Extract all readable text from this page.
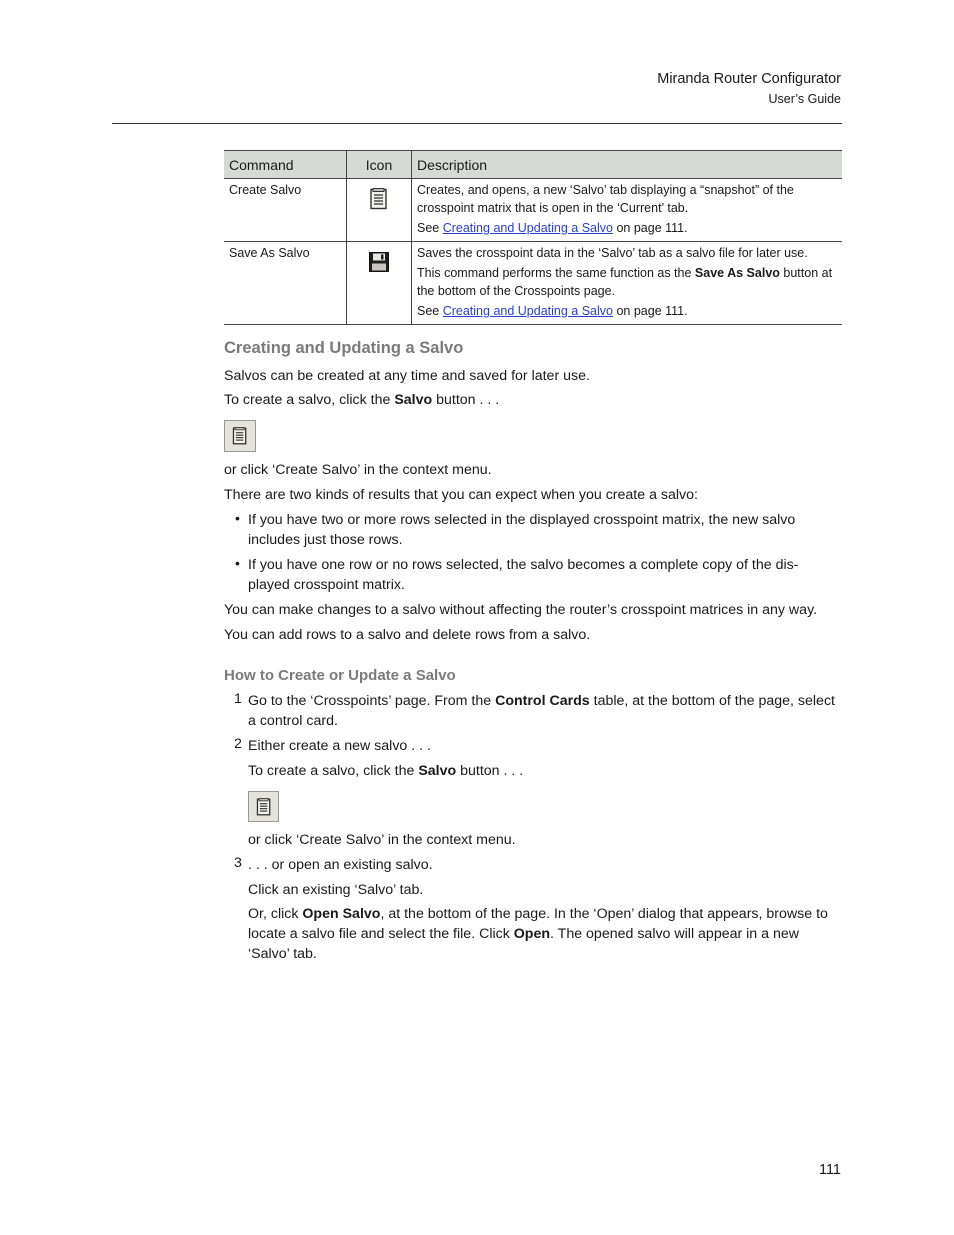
Miranda Router Configurator
User’s Guide
Command	Icon	Description
Create Salvo		Creates, and opens, a new ‘Salvo’ tab displaying a “snapshot” of the crosspoint matrix that is open in the ‘Current’ tab.

See Creating and Updating a Salvo on page 111.

Save As Salvo		Saves the crosspoint data in the ‘Salvo’ tab as a salvo file for later use.

This command performs the same function as the Save As Salvo button at the bottom of the Crosspoints page.

See Creating and Updating a Salvo on page 111.

Creating and Updating a Salvo
Salvos can be created at any time and saved for later use.
To create a salvo, click the Salvo button . . .
or click ‘Create Salvo’ in the context menu.
There are two kinds of results that you can expect when you create a salvo:
• If you have two or more rows selected in the displayed crosspoint matrix, the new salvo includes just those rows.
• If you have one row or no rows selected, the salvo becomes a complete copy of the dis-played crosspoint matrix.
You can make changes to a salvo without affecting the router’s crosspoint matrices in any way.
You can add rows to a salvo and delete rows from a salvo.
How to Create or Update a Salvo
1 Go to the ‘Crosspoints’ page. From the Control Cards table, at the bottom of the page, select a control card.
2 Either create a new salvo . . .
To create a salvo, click the Salvo button . . .
or click ‘Create Salvo’ in the context menu.
3 . . . or open an existing salvo.
Click an existing ‘Salvo’ tab.
Or, click Open Salvo, at the bottom of the page. In the ‘Open’ dialog that appears, browse to locate a salvo file and select the file. Click Open. The opened salvo will appear in a new ‘Salvo’ tab.
111
